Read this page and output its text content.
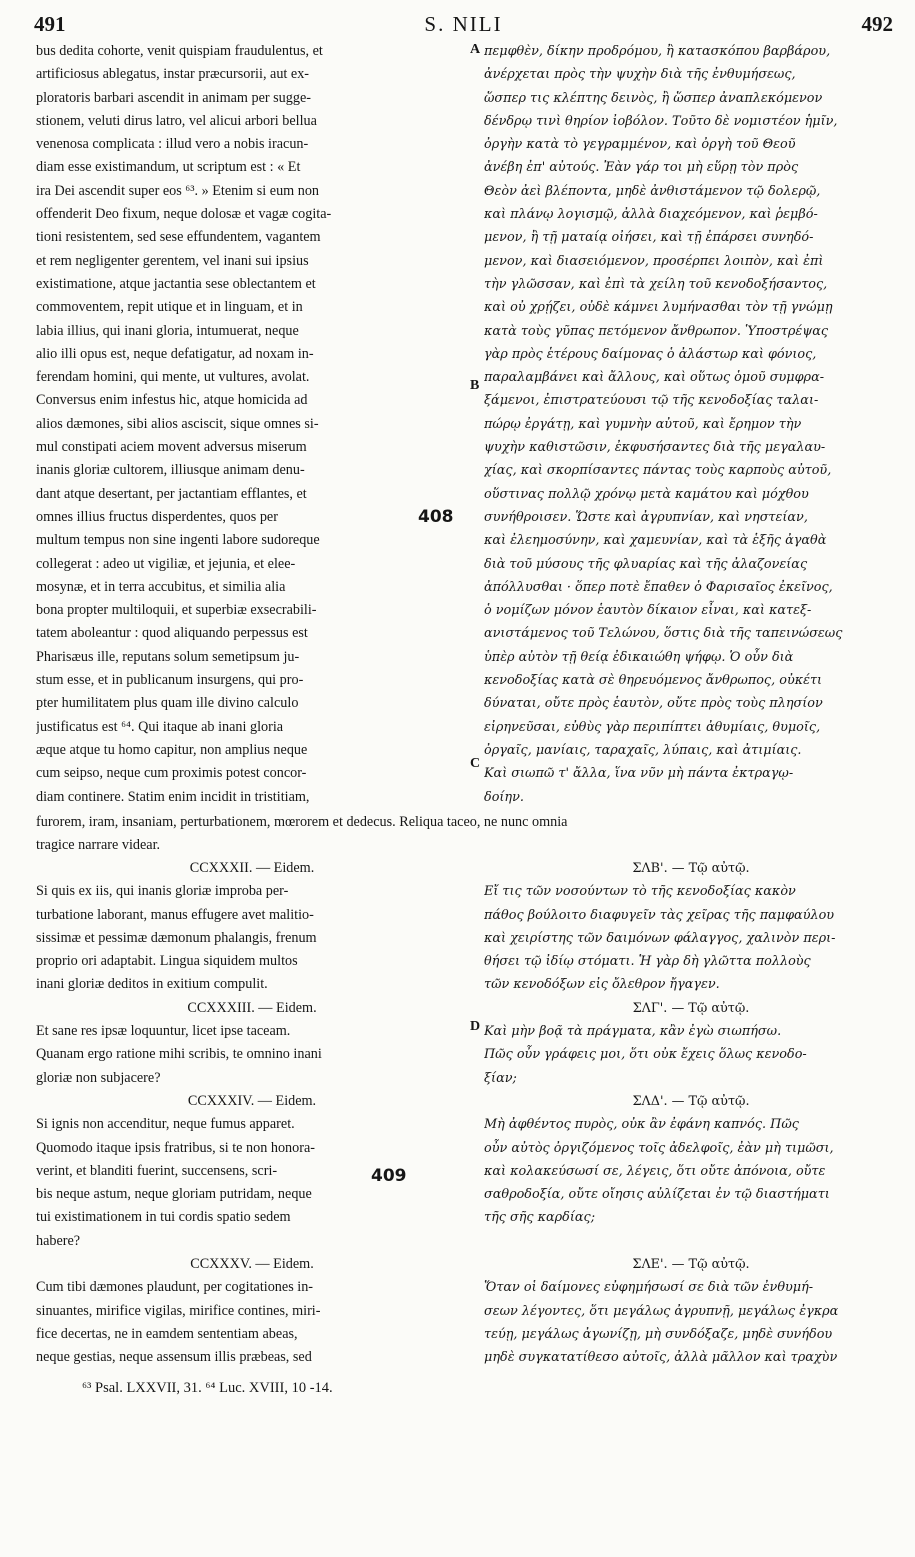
491	S. NILI	492
bus dedita cohorte, venit quispiam fraudulentus, et
artificiosus ablegatus, instar præcursorii, aut ex-
ploratoris barbari ascendit in animam per sugge-
stionem, veluti dirus latro, vel alicui arbori bellua
venenosa complicata : illud vero a nobis iracun-
diam esse existimandum, ut scriptum est : « Et
ira Dei ascendit super eos ⁶³. » Etenim si eum non
offenderit Deo fixum, neque dolosæ et vagæ cogita-
tioni resistentem, sed sese effundentem, vagantem
et rem negligenter gerentem, vel inani sui ipsius
existimatione, atque jactantia sese oblectantem et
commoventem, repit utique et in linguam, et in
labia illius, qui inani gloria, intumuerat, neque
alio illi opus est, neque defatigatur, ad noxam in-
ferendam homini, qui mente, ut vultures, avolat.
Conversus enim infestus hic, atque homicida ad
alios dæmones, sibi alios asciscit, sique omnes si-
mul constipati aciem movent adversus miserum
inanis gloriæ cultorem, illiusque animam denu-
dant atque desertant, per jactantiam efflantes, et
omnes illius fructus disperdentes, quos per
multum tempus non sine ingenti labore sudoreque
collegerat : adeo ut vigiliæ, et jejunia, et elee-
mosynæ, et in terra accubitus, et similia alia
bona propter multiloquii, et superbiæ exsecrabili-
tatem aboleantur : quod aliquando perpessus est
Pharisæus ille, reputans solum semetipsum ju-
stum esse, et in publicanum insurgens, qui pro-
pter humilitatem plus quam ille divino calculo
justificatus est ⁶⁴. Qui itaque ab inani gloria
æque atque tu homo capitur, non amplius neque
cum seipso, neque cum proximis potest concor-
diam continere. Statim enim incidit in tristitiam,
πεμφθὲν, δίκην προδρόμου, ἢ κατασκόπου βαρβάρου,
ἀνέρχεται πρὸς τὴν ψυχὴν διὰ τῆς ἐνθυμήσεως,
ὥσπερ τις κλέπτης δεινὸς, ἢ ὥσπερ ἀναπλεκόμενον
δένδρῳ τινὶ θηρίον ἰοβόλον. Τοῦτο δὲ νομιστέον ἡμῖν,
ὀργὴν κατὰ τὸ γεγραμμένον, καὶ ὀργὴ τοῦ Θεοῦ
ἀνέβη ἐπ' αὐτούς. Ἐὰν γάρ τοι μὴ εὕρῃ τὸν πρὸς
Θεὸν ἀεὶ βλέποντα, μηδὲ ἀνθιστάμενον τῷ δολερῷ,
καὶ πλάνῳ λογισμῷ, ἀλλὰ διαχεόμενον, καὶ ῥεμβό-
μενον, ἢ τῇ ματαίᾳ οἰήσει, καὶ τῇ ἐπάρσει συνηδό-
μενον, καὶ διασειόμενον, προσέρπει λοιπὸν, καὶ ἐπὶ
τὴν γλῶσσαν, καὶ ἐπὶ τὰ χείλη τοῦ κενοδοξήσαντος,
καὶ οὐ χρῄζει, οὐδὲ κάμνει λυμήνασθαι τὸν τῇ γνώμῃ
κατὰ τοὺς γῦπας πετόμενον ἄνθρωπον. Ὑποστρέψας
γὰρ πρὸς ἑτέρους δαίμονας ὁ ἀλάστωρ καὶ φόνιος,
παραλαμβάνει καὶ ἄλλους, καὶ οὕτως ὁμοῦ συμφρα-
ξάμενοι, ἐπιστρατεύουσι τῷ τῆς κενοδοξίας ταλαι-
πώρῳ ἐργάτῃ, καὶ γυμνὴν αὐτοῦ, καὶ ἔρημον τὴν
ψυχὴν καθιστῶσιν, ἐκφυσήσαντες διὰ τῆς μεγαλαυ-
χίας, καὶ σκορπίσαντες πάντας τοὺς καρποὺς αὐτοῦ,
οὕστινας πολλῷ χρόνῳ μετὰ καμάτου καὶ μόχθου
συνήθροισεν. Ὥστε καὶ ἀγρυπνίαν, καὶ νηστείαν,
καὶ ἐλεημοσύνην, καὶ χαμευνίαν, καὶ τὰ ἑξῆς ἀγαθὰ
διὰ τοῦ μύσους τῆς φλυαρίας καὶ τῆς ἀλαζονείας
ἀπόλλυσθαι · ὅπερ ποτὲ ἔπαθεν ὁ Φαρισαῖος ἐκεῖνος,
ὁ νομίζων μόνον ἑαυτὸν δίκαιον εἶναι, καὶ κατεξ-
ανιστάμενος τοῦ Τελώνου, ὅστις διὰ τῆς ταπεινώσεως
ὑπὲρ αὐτὸν τῇ θείᾳ ἐδικαιώθη ψήφῳ. Ὁ οὖν διὰ
κενοδοξίας κατὰ σὲ θηρευόμενος ἄνθρωπος, οὐκέτι
δύναται, οὔτε πρὸς ἑαυτὸν, οὔτε πρὸς τοὺς πλησίον
εἰρηνεῦσαι, εὐθὺς γὰρ περιπίπτει ἀθυμίαις, θυμοῖς,
ὀργαῖς, μανίαις, ταραχαῖς, λύπαις, καὶ ἀτιμίαις.
Καὶ σιωπῶ τ' ἄλλα, ἵνα νῦν μὴ πάντα ἐκτραγῳ-
δοίην.
furorem, iram, insaniam, perturbationem, mœrorem et dedecus. Reliqua taceo, ne nunc omnia
tragice narrare videar.
CCXXXII. — Eidem.
Si quis ex iis, qui inanis gloriæ improba per-
turbatione laborant, manus effugere avet malitio-
sissimæ et pessimæ dæmonum phalangis, frenum
proprio ori adaptabit. Lingua siquidem multos
inani gloriæ deditos in exitium compulit.
CCXXXIII. — Eidem.
Et sane res ipsæ loquuntur, licet ipse taceam.
Quanam ergo ratione mihi scribis, te omnino inani
gloriæ non subjacere?
CCXXXIV. — Eidem.
Si ignis non accenditur, neque fumus apparet.
Quomodo itaque ipsis fratribus, si te non honora-
verint, et blanditi fuerint, succensens, scri-
bis neque astum, neque gloriam putridam, neque
tui existimationem in tui cordis spatio sedem
habere?
CCXXXV. — Eidem.
Cum tibi dæmones plaudunt, per cogitationes in-
sinuantes, mirifice vigilas, mirifice contines, miri-
fice decertas, ne in eamdem sententiam abeas,
neque gestias, neque assensum illis præbeas, sed
ΣΛΒ'. — Τῷ αὐτῷ.
Εἴ τις τῶν νοσούντων τὸ τῆς κενοδοξίας κακὸν
πάθος βούλοιτο διαφυγεῖν τὰς χεῖρας τῆς παμφαύλου
καὶ χειρίστης τῶν δαιμόνων φάλαγγος, χαλινὸν περι-
θήσει τῷ ἰδίῳ στόματι. Ἡ γὰρ δὴ γλῶττα πολλοὺς
τῶν κενοδόξων εἰς ὄλεθρον ἤγαγεν.
ΣΛΓ'. — Τῷ αὐτῷ.
Καὶ μὴν βοᾷ τὰ πράγματα, κἂν ἐγὼ σιωπήσω.
Πῶς οὖν γράφεις μοι, ὅτι οὐκ ἔχεις ὅλως κενοδο-
ξίαν;
ΣΛΔ'. — Τῷ αὐτῷ.
Μὴ ἀφθέντος πυρὸς, οὐκ ἂν ἐφάνη καπνός. Πῶς
οὖν αὐτὸς ὀργιζόμενος τοῖς ἀδελφοῖς, ἐὰν μὴ τιμῶσι,
καὶ κολακεύσωσί σε, λέγεις, ὅτι οὔτε ἀπόνοια, οὔτε
σαθροδοξία, οὔτε οἴησις αὐλίζεται ἐν τῷ διαστήματι
τῆς σῆς καρδίας;
ΣΛΕ'. — Τῷ αὐτῷ.
Ὅταν οἱ δαίμονες εὐφημήσωσί σε διὰ τῶν ἐνθυμή-
σεων λέγοντες, ὅτι μεγάλως ἀγρυπνῇ, μεγάλως ἐγκρα
τεύῃ, μεγάλως ἀγωνίζῃ, μὴ συνδόξαζε, μηδὲ συνήδου
μηδὲ συγκατατίθεσο αὐτοῖς, ἀλλὰ μᾶλλον καὶ τραχὺν
A
B
C
D
408
409
⁶³ Psal. LXXVII, 31. ⁶⁴ Luc. XVIII, 10 -14.
